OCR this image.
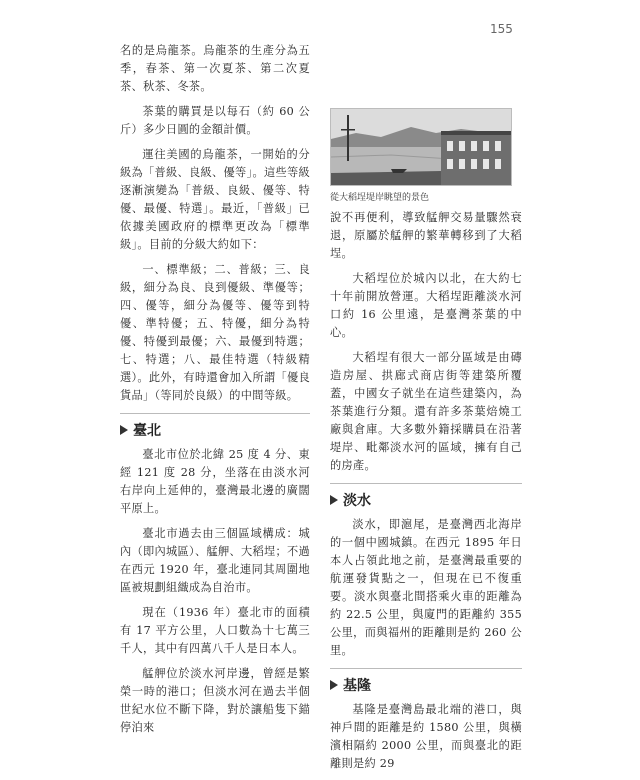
155

名的是烏龍茶。烏龍茶的生產分為五季，春茶、第一次夏茶、第二次夏茶、秋茶、冬茶。

茶葉的購買是以每石（約 60 公斤）多少日圓的金額計價。

運往美國的烏龍茶，一開始的分級為「普級、良級、優等」。這些等級逐漸演變為「普級、良級、優等、特優、最優、特選」。最近，「普級」已依據美國政府的標準更改為「標準級」。目前的分級大約如下：

一、標準級；二、普級；三、良級，細分為良、良到優級、準優等；四、優等，細分為優等、優等到特優、準特優；五、特優，細分為特優、特優到最優；六、最優到特選；七、特選；八、最佳特選（特級精選）。此外，有時還會加入所謂「優良貨品」（等同於良級）的中間等級。

臺北

臺北市位於北緯 25 度 4 分、東經 121 度 28 分，坐落在由淡水河右岸向上延伸的，臺灣最北邊的廣闊平原上。

臺北市過去由三個區域構成：城內（即內城區）、艋舺、大稻埕；不過在西元 1920 年，臺北連同其周圍地區被規劃組織成為自治市。

現在（1936 年）臺北市的面積有 17 平方公里，人口數為十七萬三千人，其中有四萬八千人是日本人。

艋舺位於淡水河岸邊，曾經是繁榮一時的港口；但淡水河在過去半個世紀水位不斷下降，對於讓船隻下錨停泊來

從大稻埕堤岸眺望的景色

說不再便利，導致艋舺交易量驟然衰退，原屬於艋舺的繁華轉移到了大稻埕。

大稻埕位於城內以北，在大約七十年前開放營運。大稻埕距離淡水河口約 16 公里遠，是臺灣茶葉的中心。

大稻埕有很大一部分區域是由磚造房屋、拱廊式商店街等建築所覆蓋，中國女子就坐在這些建築內，為茶葉進行分類。還有許多茶葉焙燒工廠與倉庫。大多數外籍採購員在沿著堤岸、毗鄰淡水河的區域，擁有自己的房產。

淡水

淡水，即滬尾，是臺灣西北海岸的一個中國城鎮。在西元 1895 年日本人占領此地之前，是臺灣最重要的航運發貨點之一，但現在已不復重要。淡水與臺北間搭乘火車的距離為約 22.5 公里，與廈門的距離約 355 公里，而與福州的距離則是約 260 公里。

基隆

基隆是臺灣島最北端的港口，與神戶間的距離是約 1580 公里，與橫濱相隔約 2000 公里，而與臺北的距離則是約 29
